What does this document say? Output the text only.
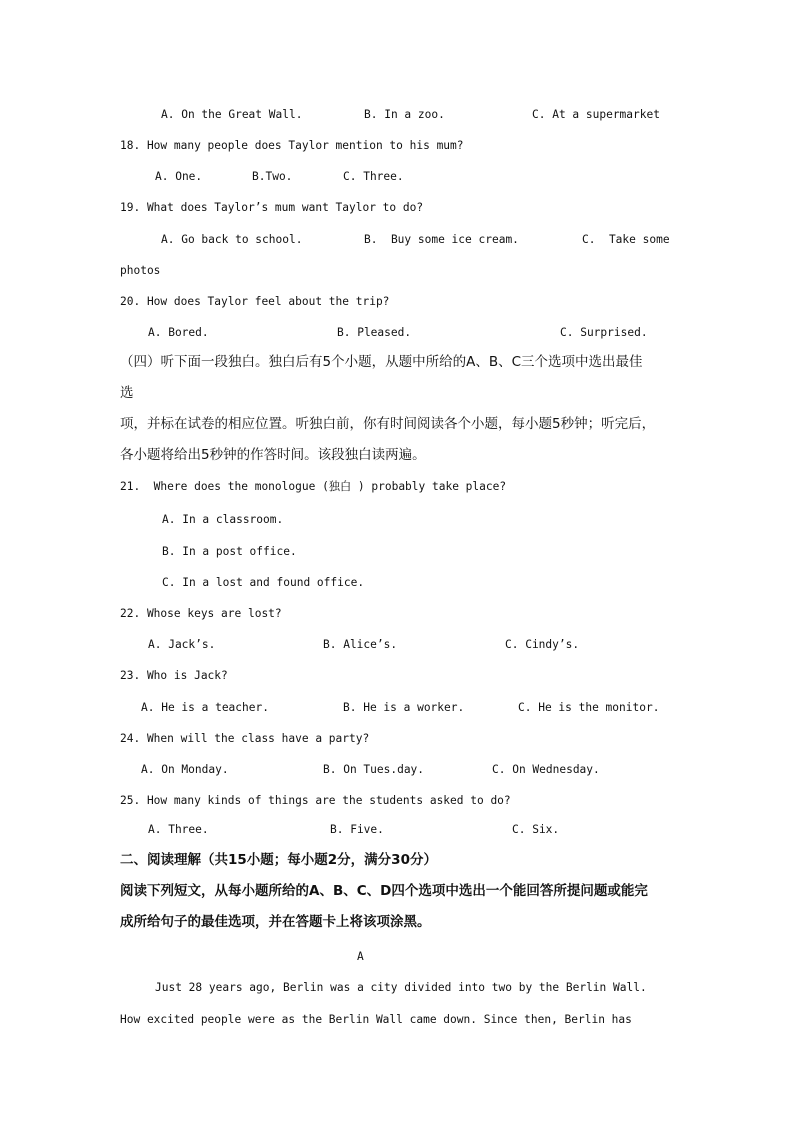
A. On the Great Wall.	B. In a zoo.	C. At a supermarket
18. How many people does Taylor mention to his mum?
A. One.	B.Two.	C. Three.
19. What does Taylor’s mum want Taylor to do?
A. Go back to school.	B.  Buy some ice cream.	C.  Take some
photos
20. How does Taylor feel about the trip?
A. Bored.	B. Pleased.	C. Surprised.
（四）听下面一段独白。独白后有5个小题，从题中所给的A、B、C三个选项中选出最佳
选
项，并标在试卷的相应位置。听独白前，你有时间阅读各个小题，每小题5秒钟；听完后，
各小题将给出5秒钟的作答时间。该段独白读两遍。
21.  Where does the monologue (独白 ) probably take place?
A. In a classroom.
B. In a post office.
C. In a lost and found office.
22. Whose keys are lost?
A. Jack’s.	B. Alice’s.	C. Cindy’s.
23. Who is Jack?
A. He is a teacher.	B. He is a worker.	C. He is the monitor.
24. When will the class have a party?
A. On Monday.	B. On Tues.day.	C. On Wednesday.
25. How many kinds of things are the students asked to do?
A. Three.	B. Five.	C. Six.
二、阅读理解（共15小题；每小题2分，满分30分）
阅读下列短文，从每小题所给的A、B、C、D四个选项中选出一个能回答所提问题或能完
成所给句子的最佳选项，并在答题卡上将该项涂黑。
A
Just 28 years ago, Berlin was a city divided into two by the Berlin Wall.
How excited people were as the Berlin Wall came down. Since then, Berlin has
